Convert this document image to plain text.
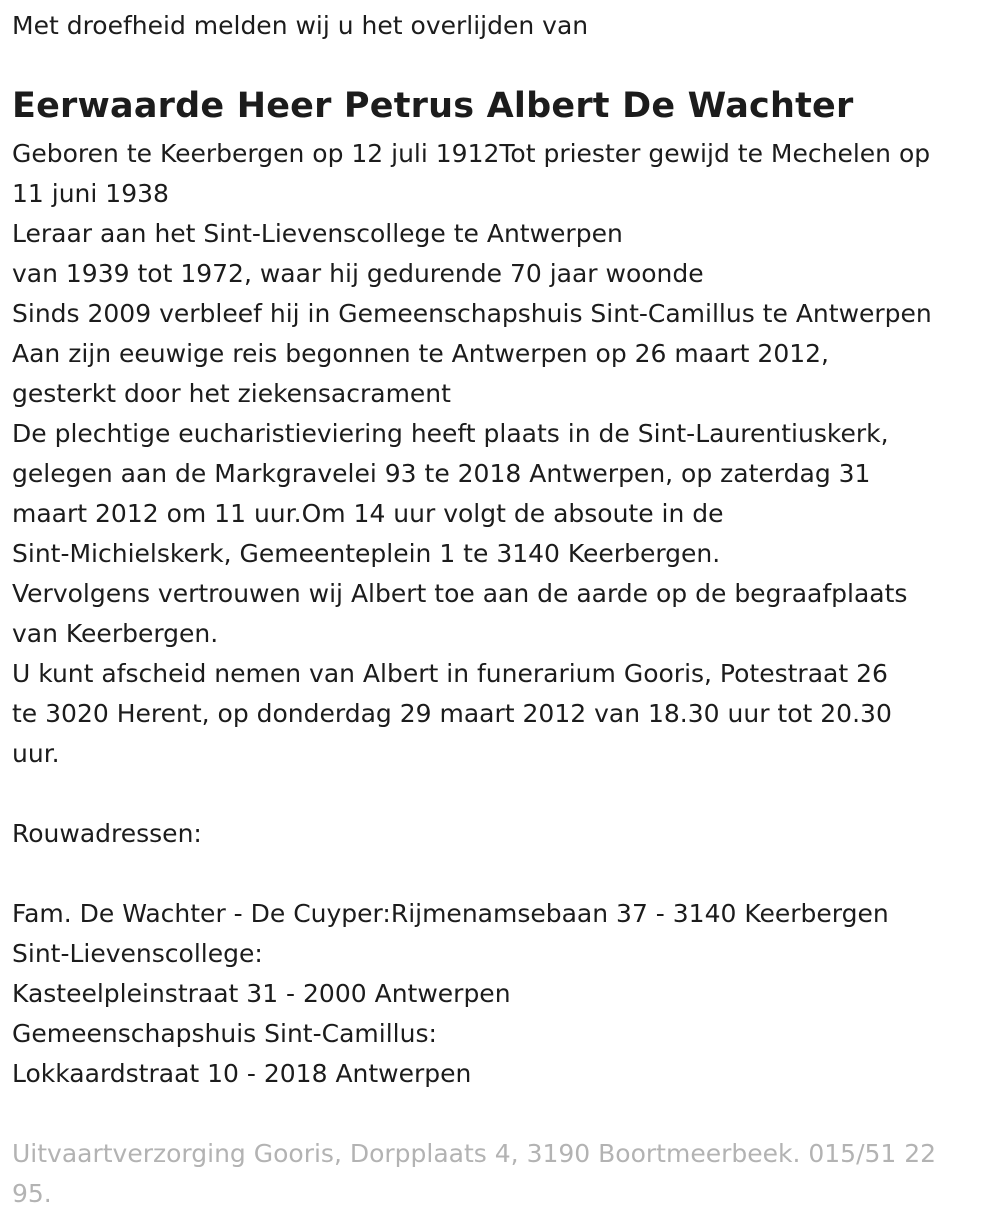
Met droefheid melden wij u het overlijden van

Eerwaarde Heer Petrus Albert De Wachter
Geboren te Keerbergen op 12 juli 1912Tot priester gewijd te Mechelen op
11 juni 1938
Leraar aan het Sint-Lievenscollege te Antwerpen
van 1939 tot 1972, waar hij gedurende 70 jaar woonde
Sinds 2009 verbleef hij in Gemeenschapshuis Sint-Camillus te Antwerpen
Aan zijn eeuwige reis begonnen te Antwerpen op 26 maart 2012,
gesterkt door het ziekensacrament
De plechtige eucharistieviering heeft plaats in de Sint-Laurentiuskerk,
gelegen aan de Markgravelei 93 te 2018 Antwerpen, op zaterdag 31
maart 2012 om 11 uur.Om 14 uur volgt de absoute in de
Sint-Michielskerk, Gemeenteplein 1 te 3140 Keerbergen.
Vervolgens vertrouwen wij Albert toe aan de aarde op de begraafplaats
van Keerbergen.
U kunt afscheid nemen van Albert in funerarium Gooris, Potestraat 26
te 3020 Herent, op donderdag 29 maart 2012 van 18.30 uur tot 20.30
uur.
Rouwadressen:
Fam. De Wachter - De Cuyper:Rijmenamsebaan 37 - 3140 Keerbergen
Sint-Lievenscollege:
Kasteelpleinstraat 31 - 2000 Antwerpen
Gemeenschapshuis Sint-Camillus:
Lokkaardstraat 10 - 2018 Antwerpen
Uitvaartverzorging Gooris, Dorpplaats 4, 3190 Boortmeerbeek. 015/51 22
95.
